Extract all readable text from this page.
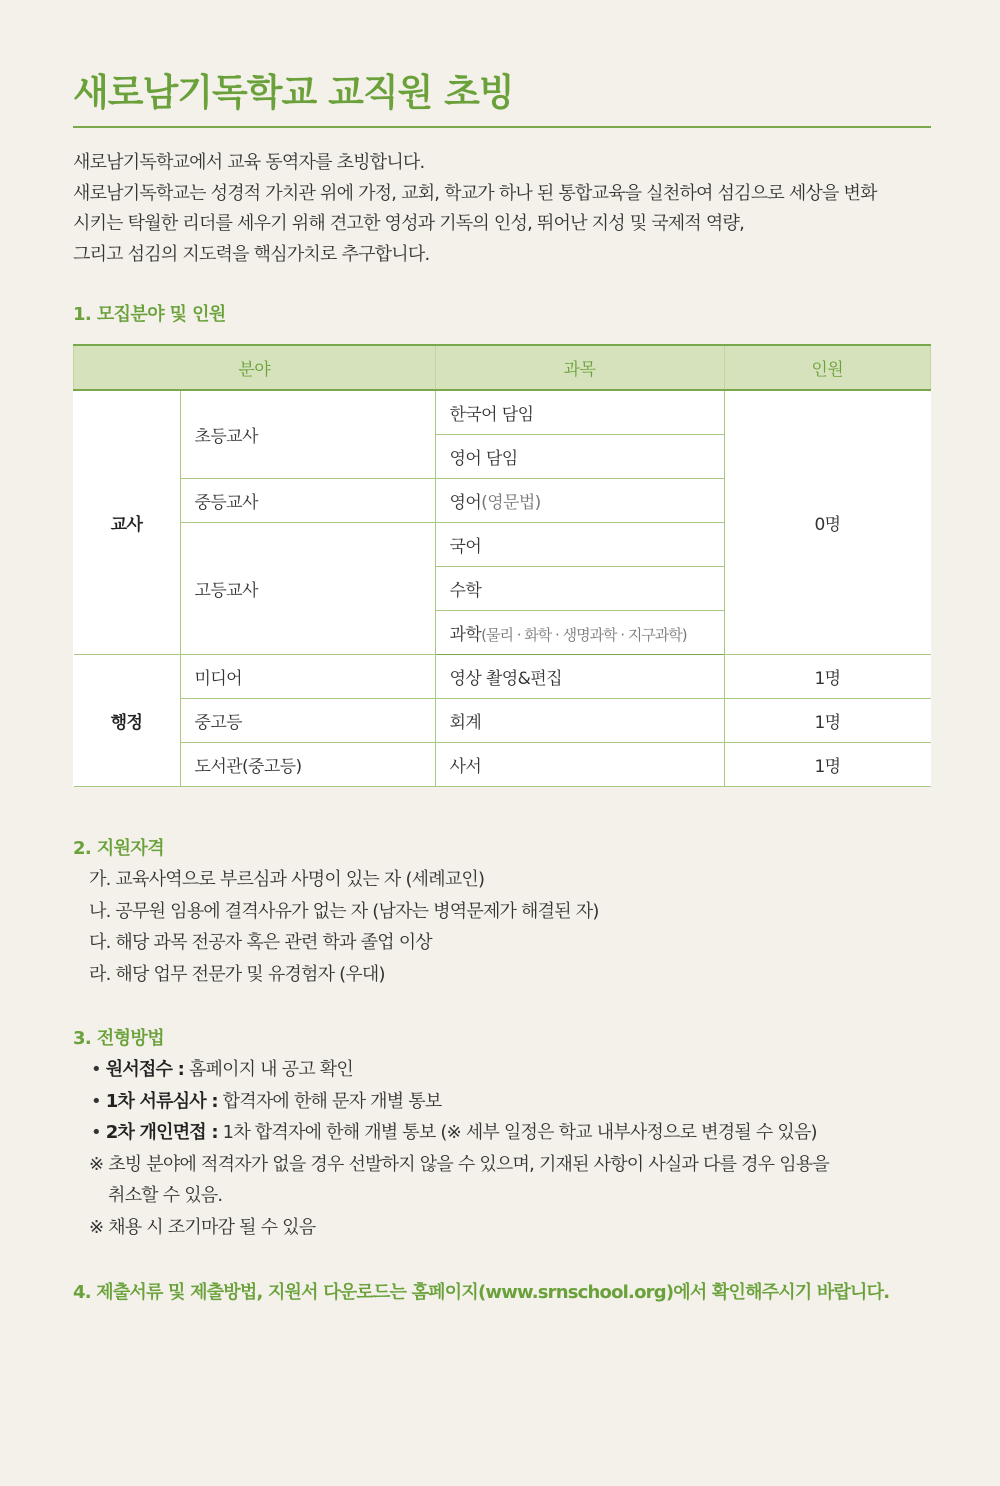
새로남기독학교 교직원 초빙
새로남기독학교에서 교육 동역자를 초빙합니다.
새로남기독학교는 성경적 가치관 위에 가정, 교회, 학교가 하나 된 통합교육을 실천하여 섬김으로 세상을 변화
시키는 탁월한 리더를 세우기 위해 견고한 영성과 기독의 인성, 뛰어난 지성 및 국제적 역량,
그리고 섬김의 지도력을 핵심가치로 추구합니다.
1. 모집분야 및 인원
분야		과목	인원
교사	초등교사	한국어 담임	0명
		영어 담임	
	중등교사	영어(영문법)	
	고등교사	국어	
		수학	
		과학(물리 · 화학 · 생명과학 · 지구과학)	
행정	미디어	영상 촬영&편집	1명
	중고등	회계	1명
	도서관(중고등)	사서	1명
2. 지원자격
가. 교육사역으로 부르심과 사명이 있는 자 (세례교인)
나. 공무원 임용에 결격사유가 없는 자 (남자는 병역문제가 해결된 자)
다. 해당 과목 전공자 혹은 관련 학과 졸업 이상
라. 해당 업무 전문가 및 유경험자 (우대)
3. 전형방법
• 원서접수 : 홈페이지 내 공고 확인
• 1차 서류심사 : 합격자에 한해 문자 개별 통보
• 2차 개인면접 : 1차 합격자에 한해 개별 통보 (※ 세부 일정은 학교 내부사정으로 변경될 수 있음)
※ 초빙 분야에 적격자가 없을 경우 선발하지 않을 수 있으며, 기재된 사항이 사실과 다를 경우 임용을
취소할 수 있음.
※ 채용 시 조기마감 될 수 있음
4. 제출서류 및 제출방법, 지원서 다운로드는 홈페이지(www.srnschool.org)에서 확인해주시기 바랍니다.
